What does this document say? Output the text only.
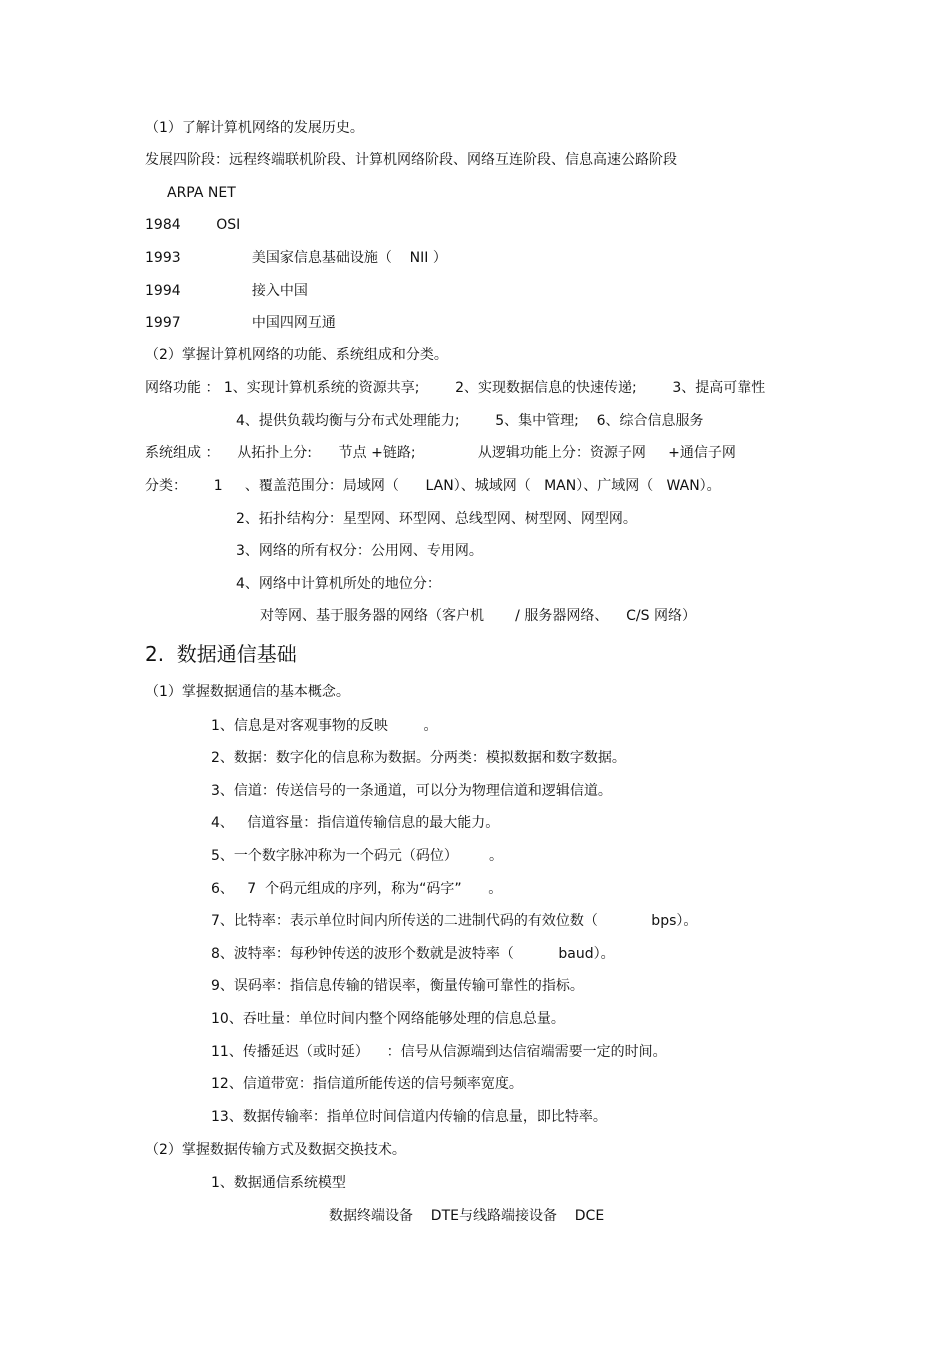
（1）了解计算机网络的发展历史。
发展四阶段：远程终端联机阶段、计算机网络阶段、网络互连阶段、信息高速公路阶段
ARPA NET
1984        OSI
1993                美国家信息基础设施（    NII ）
1994                接入中国
1997                中国四网互通
（2）掌握计算机网络的功能、系统组成和分类。
网络功能 ： 1、实现计算机系统的资源共享;        2、实现数据信息的快速传递;        3、提高可靠性
4、提供负载均衡与分布式处理能力;        5、集中管理;    6、综合信息服务
系统组成 ：    从拓扑上分:      节点 +链路;              从逻辑功能上分：资源子网     +通信子网
分类：      1     、覆盖范围分：局域网（      LAN）、城域网（   MAN）、广域网（   WAN）。
2、拓扑结构分：星型网、环型网、总线型网、树型网、网型网。
3、网络的所有权分：公用网、专用网。
4、网络中计算机所处的地位分：
对等网、基于服务器的网络（客户机       / 服务器网络、    C/S 网络）
2.  数据通信基础
（1）掌握数据通信的基本概念。
1、信息是对客观事物的反映        。
2、数据：数字化的信息称为数据。分两类：模拟数据和数字数据。
3、信道：传送信号的一条通道，可以分为物理信道和逻辑信道。
4、   信道容量：指信道传输信息的最大能力。
5、一个数字脉冲称为一个码元（码位）       。
6、   7  个码元组成的序列，称为“码字”      。
7、比特率：表示单位时间内所传送的二进制代码的有效位数（            bps）。
8、波特率：每秒钟传送的波形个数就是波特率（          baud）。
9、误码率：指信息传输的错误率，衡量传输可靠性的指标。
10、吞吐量：单位时间内整个网络能够处理的信息总量。
11、传播延迟（或时延）    ：信号从信源端到达信宿端需要一定的时间。
12、信道带宽：指信道所能传送的信号频率宽度。
13、数据传输率：指单位时间信道内传输的信息量，即比特率。
（2）掌握数据传输方式及数据交换技术。
1、数据通信系统模型
数据终端设备    DTE与线路端接设备    DCE
